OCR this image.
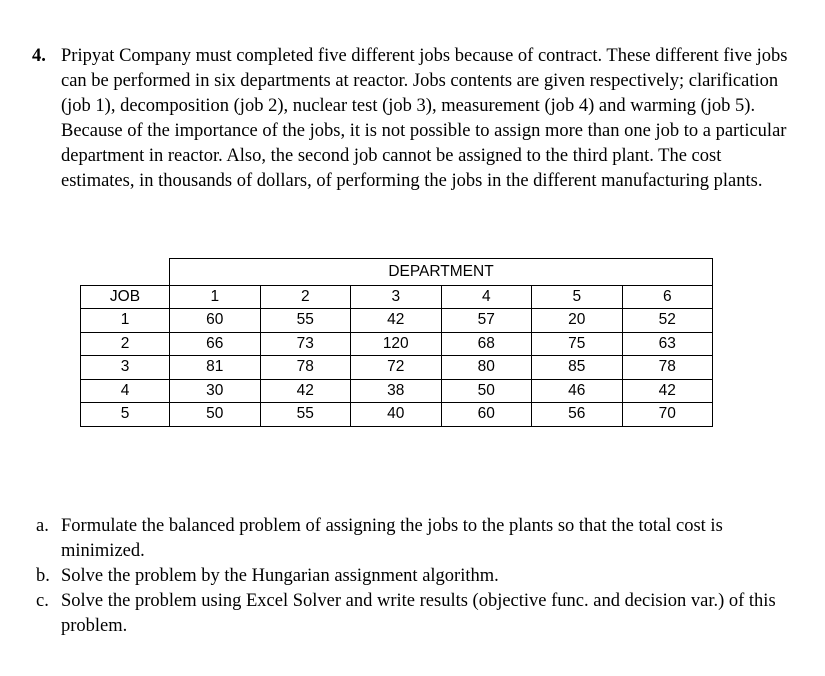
4. Pripyat Company must completed five different jobs because of contract. These different five jobs can be performed in six departments at reactor. Jobs contents are given respectively; clarification (job 1), decomposition (job 2), nuclear test (job 3), measurement (job 4) and warming (job 5). Because of the importance of the jobs, it is not possible to assign more than one job to a particular department in reactor. Also, the second job cannot be assigned to the third plant. The cost estimates, in thousands of dollars, of performing the jobs in the different manufacturing plants.
	DEPARTMENT					
JOB	1	2	3	4	5	6
1	60	55	42	57	20	52
2	66	73	120	68	75	63
3	81	78	72	80	85	78
4	30	42	38	50	46	42
5	50	55	40	60	56	70
a. Formulate the balanced problem of assigning the jobs to the plants so that the total cost is minimized.
b. Solve the problem by the Hungarian assignment algorithm.
c. Solve the problem using Excel Solver and write results (objective func. and decision var.) of this problem.
